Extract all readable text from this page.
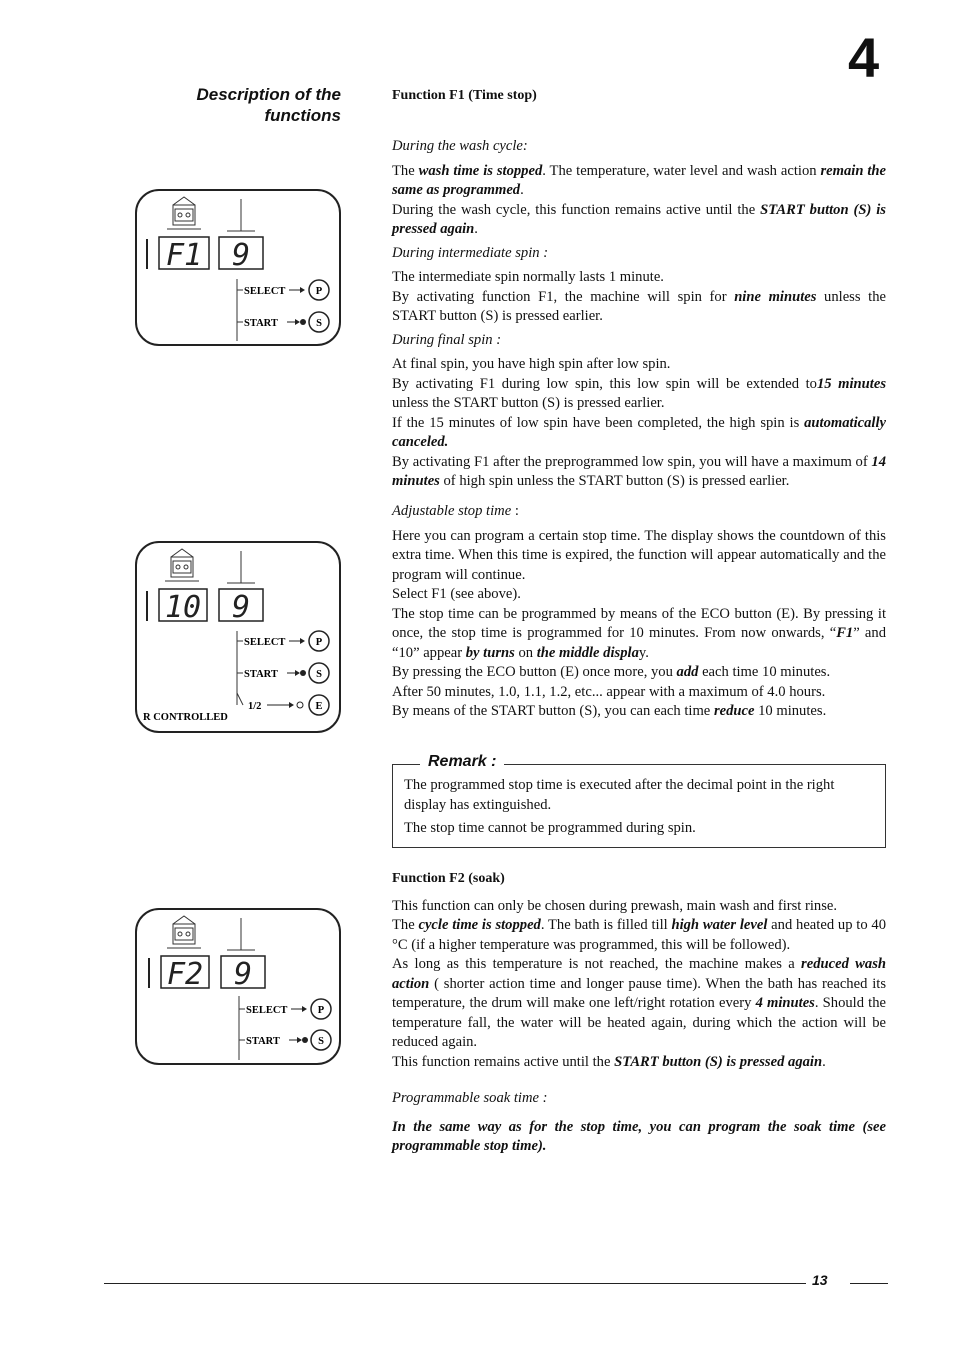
4
Description of the functions
F1 9
SELECT	P
START	S
10 9
SELECT	P
START	S
1/2	E
R CONTROLLED
F2 9
SELECT	P
START	S

Function F1 (Time stop)

During the wash cycle:

The wash time is stopped. The temperature, water level and wash action remain the same as programmed.

During the wash cycle, this function remains active until the START button (S) is pressed again.

During intermediate spin :

The intermediate spin normally lasts 1 minute.

By activating function F1, the machine will spin for nine minutes unless the START button (S) is pressed earlier.

During final spin :

At final spin, you have high spin after low spin.

By activating F1 during low spin, this low spin will be extended to15 minutes unless the START button (S) is pressed earlier.

If the 15 minutes of low spin have been completed, the high spin is automatically canceled.

By activating F1 after the preprogrammed low spin, you will have a maximum of 14 minutes of high spin unless the START button (S) is pressed earlier.

Adjustable stop time :

Here you can program a certain stop time. The display shows the countdown of this extra time. When this time is expired, the function will appear automatically and the program will continue.

Select F1 (see above).

The stop time can be programmed by means of the ECO button (E). By pressing it once, the stop time is programmed for 10 minutes. From now onwards, “F1” and “10” appear by turns on the middle display.

By pressing the ECO button (E) once more, you add each time 10 minutes.

After 50 minutes, 1.0, 1.1, 1.2, etc... appear with a maximum of 4.0 hours.

By means of the START button (S), you can each time reduce 10 minutes.

Remark :

The programmed stop time is executed after the decimal point in the right display has extinguished.

The stop time cannot be programmed during spin.

Function F2 (soak)

This function can only be chosen during prewash, main wash and first rinse.

The cycle time is stopped. The bath is filled till high water level and heated up to 40 °C (if a higher temperature was programmed, this will be followed).

As long as this temperature is not reached, the machine makes a reduced wash action ( shorter action time and longer pause time). When the bath has reached its temperature, the drum will make one left/right rotation every 4 minutes. Should the temperature fall, the water will be heated again, during which the action will be reduced again.

This function remains active until the START button (S) is pressed again.

Programmable soak time :

In the same way as for the stop time, you can program the soak time (see programmable stop time).

13
